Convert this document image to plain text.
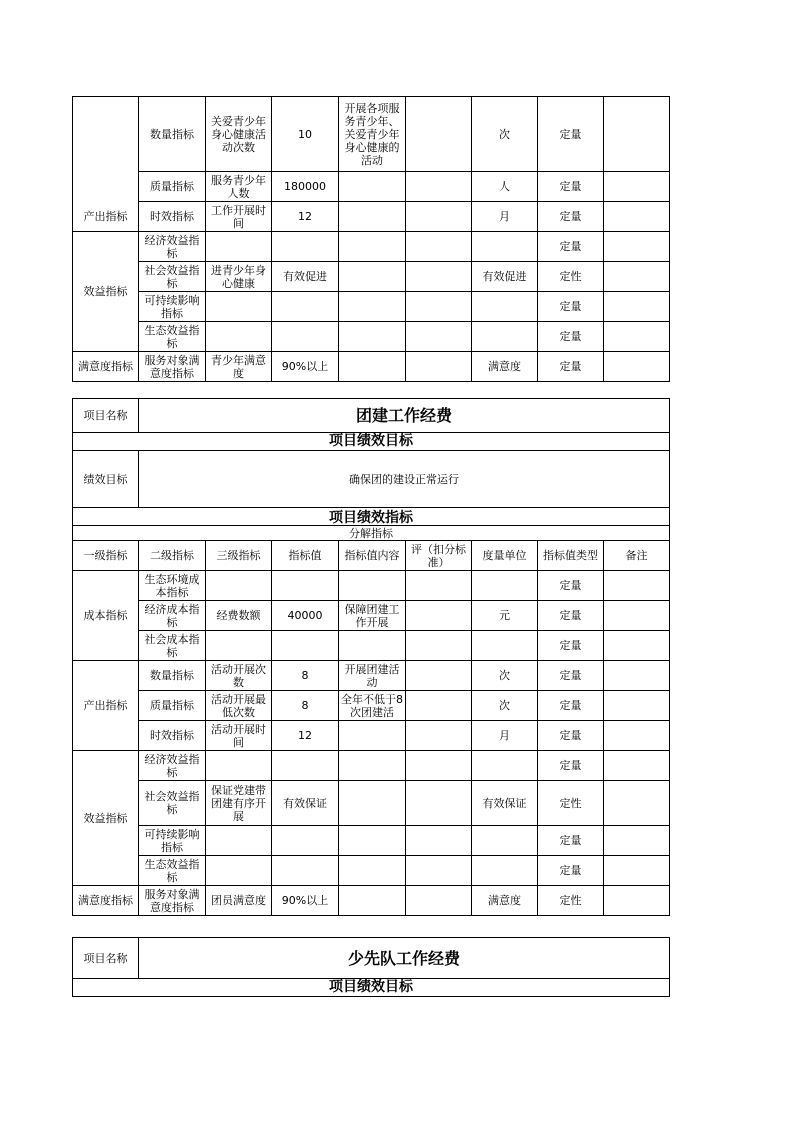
产出指标	数量指标	关爱青少年身心健康活动次数	10	开展各项服务青少年、关爱青少年身心健康的活动		次	定量	
	质量指标	服务青少年人数	180000			人	定量	
	时效指标	工作开展时间	12			月	定量	
效益指标	经济效益指标						定量	
	社会效益指标	进青少年身心健康	有效促进			有效促进	定性	
	可持续影响指标						定量	
	生态效益指标						定量	
满意度指标	服务对象满意度指标	青少年满意度	90%以上			满意度	定量	
项目名称	团建工作经费							
项目绩效目标								
绩效目标	确保团的建设正常运行							
项目绩效指标								
分解指标								
一级指标	二级指标	三级指标	指标值	指标值内容	评（扣分标准）	度量单位	指标值类型	备注
成本指标	生态环境成本指标						定量	
	经济成本指标	经费数额	40000	保障团建工作开展		元	定量	
	社会成本指标						定量	
产出指标	数量指标	活动开展次数	8	开展团建活动		次	定量	
	质量指标	活动开展最低次数	8	全年不低于8次团建活		次	定量	
	时效指标	活动开展时间	12			月	定量	
效益指标	经济效益指标						定量	
	社会效益指标	保证党建带团建有序开展	有效保证			有效保证	定性	
	可持续影响指标						定量	
	生态效益指标						定量	
满意度指标	服务对象满意度指标	团员满意度	90%以上			满意度	定性	
项目名称	少先队工作经费
项目绩效目标
